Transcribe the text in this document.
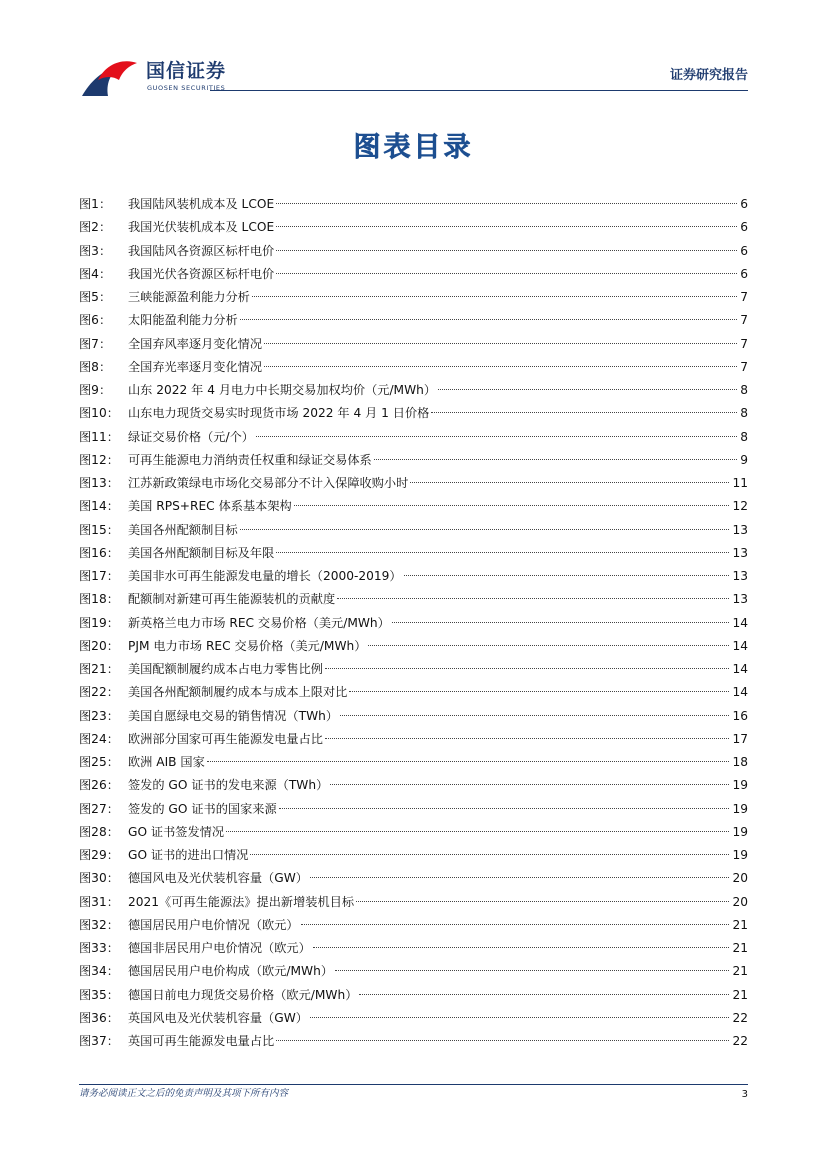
国信证券
GUOSEN SECURITIES
证券研究报告
图表目录
图1：	我国陆风装机成本及 LCOE	6
图2：	我国光伏装机成本及 LCOE	6
图3：	我国陆风各资源区标杆电价	6
图4：	我国光伏各资源区标杆电价	6
图5：	三峡能源盈利能力分析	7
图6：	太阳能盈利能力分析	7
图7：	全国弃风率逐月变化情况	7
图8：	全国弃光率逐月变化情况	7
图9：	山东 2022 年 4 月电力中长期交易加权均价（元/MWh）	8
图10： 山东电力现货交易实时现货市场 2022 年 4 月 1 日价格	8
图11： 绿证交易价格（元/个）	8
图12： 可再生能源电力消纳责任权重和绿证交易体系	9
图13： 江苏新政策绿电市场化交易部分不计入保障收购小时	11
图14： 美国 RPS+REC 体系基本架构	12
图15： 美国各州配额制目标	13
图16： 美国各州配额制目标及年限	13
图17： 美国非水可再生能源发电量的增长（2000-2019）	13
图18： 配额制对新建可再生能源装机的贡献度	13
图19： 新英格兰电力市场 REC 交易价格（美元/MWh）	14
图20： PJM 电力市场 REC 交易价格（美元/MWh）	14
图21： 美国配额制履约成本占电力零售比例	14
图22： 美国各州配额制履约成本与成本上限对比	14
图23： 美国自愿绿电交易的销售情况（TWh）	16
图24： 欧洲部分国家可再生能源发电量占比	17
图25： 欧洲 AIB 国家	18
图26： 签发的 GO 证书的发电来源（TWh）	19
图27： 签发的 GO 证书的国家来源	19
图28： GO 证书签发情况	19
图29： GO 证书的进出口情况	19
图30： 德国风电及光伏装机容量（GW）	20
图31： 2021《可再生能源法》提出新增装机目标	20
图32： 德国居民用户电价情况（欧元）	21
图33： 德国非居民用户电价情况（欧元）	21
图34： 德国居民用户电价构成（欧元/MWh）	21
图35： 德国日前电力现货交易价格（欧元/MWh）	21
图36： 英国风电及光伏装机容量（GW）	22
图37： 英国可再生能源发电量占比	22
请务必阅读正文之后的免责声明及其项下所有内容	3
